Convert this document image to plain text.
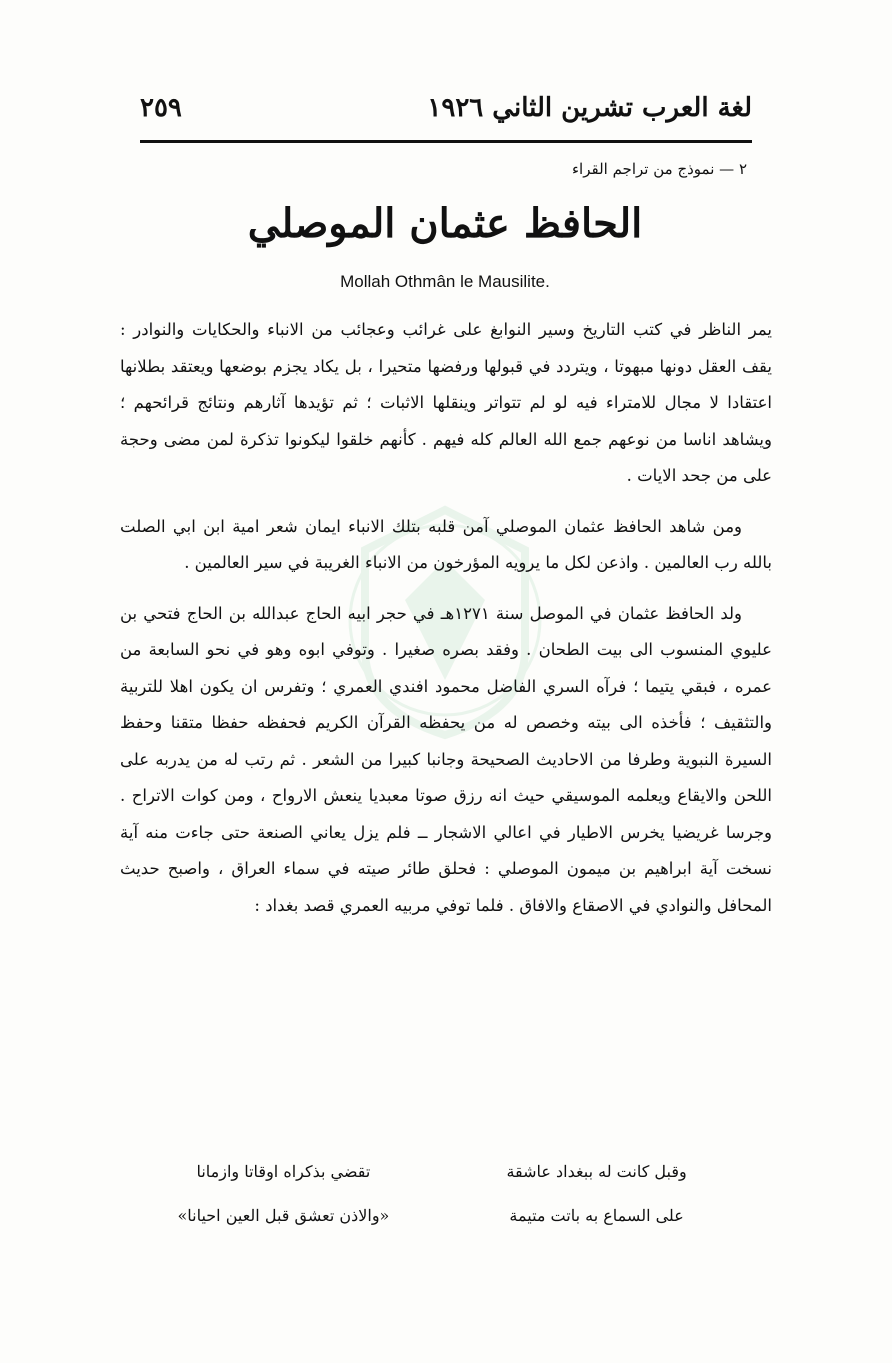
لغة العرب تشرين الثاني ١٩٢٦
٢٥٩
٢ — نموذج من تراجم القراء
الحافظ عثمان الموصلي
Mollah Othmân le Mausilite.

يمر الناظر في كتب التاريخ وسير النوابغ على غرائب وعجائب من الانباء والحكايات والنوادر : يقف العقل دونها مبهوتا ، ويتردد في قبولها ورفضها متحيرا ، بل يكاد يجزم بوضعها ويعتقد بطلانها اعتقادا لا مجال للامتراء فيه لو لم تتواتر وينقلها الاثبات ؛ ثم تؤيدها آثارهم ونتائج قرائحهم ؛ ويشاهد اناسا من نوعهم جمع الله العالم كله فيهم . كأنهم خلقوا ليكونوا تذكرة لمن مضى وحجة على من جحد الايات .

ومن شاهد الحافظ عثمان الموصلي آمن قلبه بتلك الانباء ايمان شعر امية ابن ابي الصلت بالله رب العالمين . واذعن لكل ما يرويه المؤرخون من الانباء الغريبة في سير العالمين .

ولد الحافظ عثمان في الموصل سنة ١٢٧١هـ في حجر ابيه الحاج عبدالله بن الحاج فتحي بن عليوي المنسوب الى بيت الطحان . وفقد بصره صغيرا . وتوفي ابوه وهو في نحو السابعة من عمره ، فبقي يتيما ؛ فرآه السري الفاضل محمود افندي العمري ؛ وتفرس ان يكون اهلا للتربية والتثقيف ؛ فأخذه الى بيته وخصص له من يحفظه القرآن الكريم فحفظه حفظا متقنا وحفظ السيرة النبوية وطرفا من الاحاديث الصحيحة وجانبا كبيرا من الشعر . ثم رتب له من يدربه على اللحن والايقاع ويعلمه الموسيقي حيث انه رزق صوتا معبديا ينعش الارواح ، ومن كوات الاتراح . وجرسا غريضيا يخرس الاطيار في اعالي الاشجار ــ فلم يزل يعاني الصنعة حتى جاءت منه آية نسخت آية ابراهيم بن ميمون الموصلي : فحلق طائر صيته في سماء العراق ، واصبح حديث المحافل والنوادي في الاصقاع والافاق . فلما توفي مربيه العمري قصد بغداد :

وقبل كانت له ببغداد عاشقة
تقضي بذكراه اوقاتا وازمانا
على السماع به باتت متيمة
«والاذن تعشق قبل العين احيانا»
